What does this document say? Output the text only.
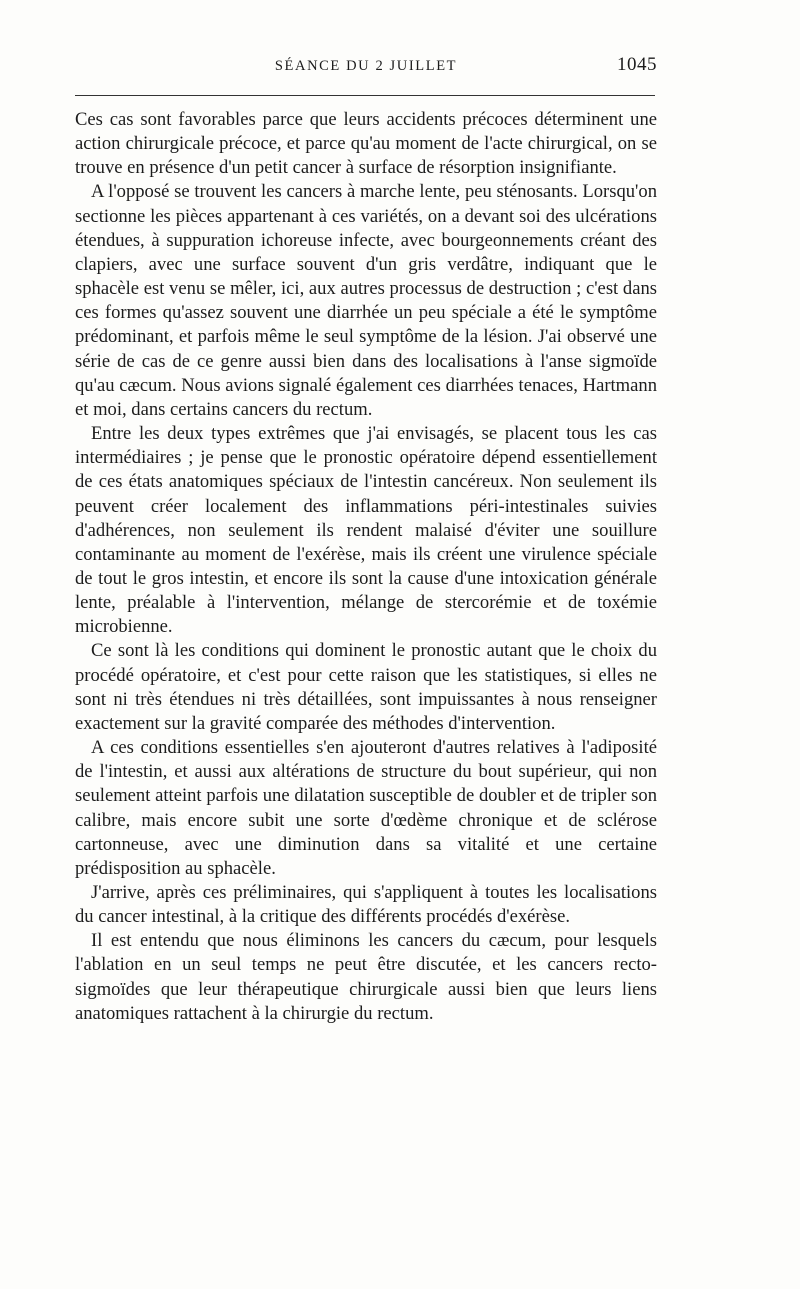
SÉANCE DU 2 JUILLET	1045

Ces cas sont favorables parce que leurs accidents précoces déterminent une action chirurgicale précoce, et parce qu'au moment de l'acte chirurgical, on se trouve en présence d'un petit cancer à surface de résorption insignifiante.

A l'opposé se trouvent les cancers à marche lente, peu sténosants. Lorsqu'on sectionne les pièces appartenant à ces variétés, on a devant soi des ulcérations étendues, à suppuration ichoreuse infecte, avec bourgeonnements créant des clapiers, avec une surface souvent d'un gris verdâtre, indiquant que le sphacèle est venu se mêler, ici, aux autres processus de destruction ; c'est dans ces formes qu'assez souvent une diarrhée un peu spéciale a été le symptôme prédominant, et parfois même le seul symptôme de la lésion. J'ai observé une série de cas de ce genre aussi bien dans des localisations à l'anse sigmoïde qu'au cæcum. Nous avions signalé également ces diarrhées tenaces, Hartmann et moi, dans certains cancers du rectum.

Entre les deux types extrêmes que j'ai envisagés, se placent tous les cas intermédiaires ; je pense que le pronostic opératoire dépend essentiellement de ces états anatomiques spéciaux de l'intestin cancéreux. Non seulement ils peuvent créer localement des inflammations péri-intestinales suivies d'adhérences, non seulement ils rendent malaisé d'éviter une souillure contaminante au moment de l'exérèse, mais ils créent une virulence spéciale de tout le gros intestin, et encore ils sont la cause d'une intoxication générale lente, préalable à l'intervention, mélange de stercorémie et de toxémie microbienne.

Ce sont là les conditions qui dominent le pronostic autant que le choix du procédé opératoire, et c'est pour cette raison que les statistiques, si elles ne sont ni très étendues ni très détaillées, sont impuissantes à nous renseigner exactement sur la gravité comparée des méthodes d'intervention.

A ces conditions essentielles s'en ajouteront d'autres relatives à l'adiposité de l'intestin, et aussi aux altérations de structure du bout supérieur, qui non seulement atteint parfois une dilatation susceptible de doubler et de tripler son calibre, mais encore subit une sorte d'œdème chronique et de sclérose cartonneuse, avec une diminution dans sa vitalité et une certaine prédisposition au sphacèle.

J'arrive, après ces préliminaires, qui s'appliquent à toutes les localisations du cancer intestinal, à la critique des différents procédés d'exérèse.

Il est entendu que nous éliminons les cancers du cæcum, pour lesquels l'ablation en un seul temps ne peut être discutée, et les cancers recto-sigmoïdes que leur thérapeutique chirurgicale aussi bien que leurs liens anatomiques rattachent à la chirurgie du rectum.
